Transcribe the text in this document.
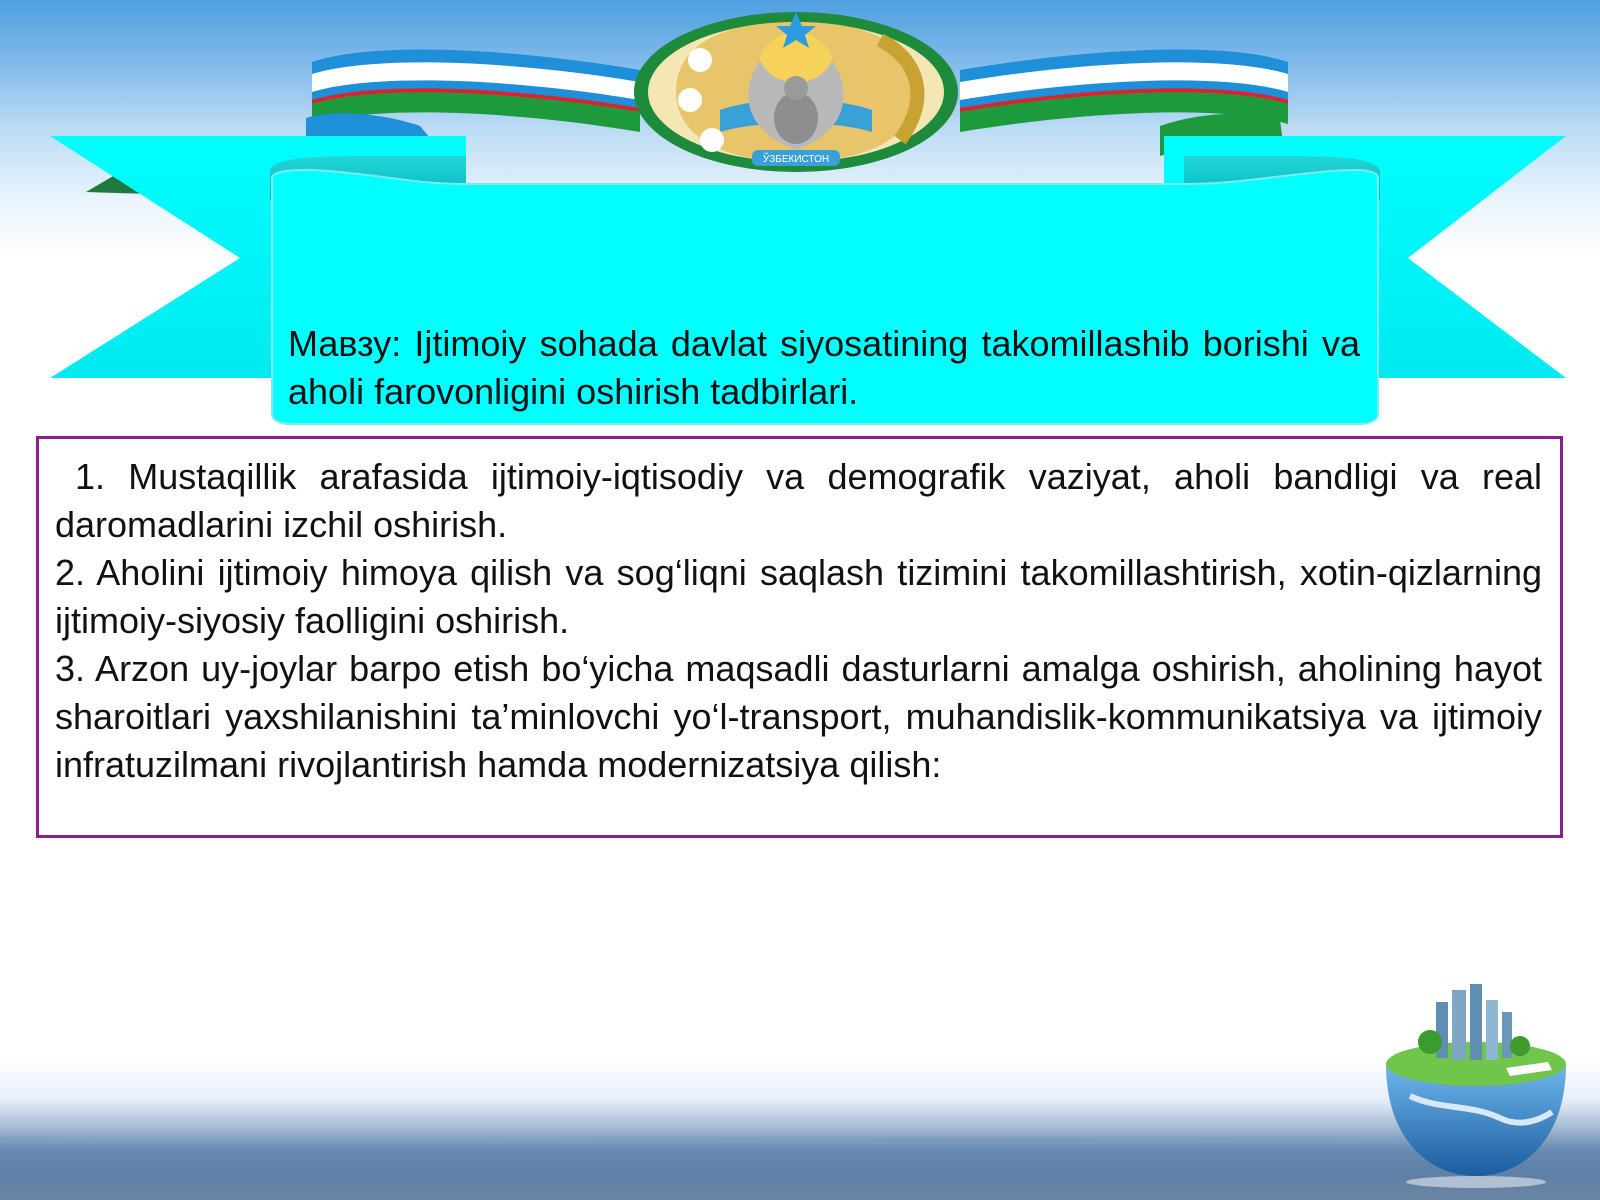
ЎЗБЕКИСТОН

Мавзу: Ijtimoiy sohada davlat siyosatining takomillashib borishi va aholi farovonligini oshirish tadbirlari.

1. Mustaqillik arafasida ijtimoiy-iqtisodiy va demografik vaziyat, aholi bandligi va real daromadlarini izchil oshirish.

2. Aholini ijtimoiy himoya qilish va sog‘liqni saqlash tizimini takomillashtirish, xotin-qizlarning ijtimoiy-siyosiy faolligini oshirish.

3. Arzon uy-joylar barpo etish bo‘yicha maqsadli dasturlarni amalga oshirish, aholining hayot sharoitlari yaxshilanishini ta’minlovchi yo‘l-transport, muhandislik-kommunikatsiya va ijtimoiy infratuzilmani rivojlantirish hamda modernizatsiya qilish:
